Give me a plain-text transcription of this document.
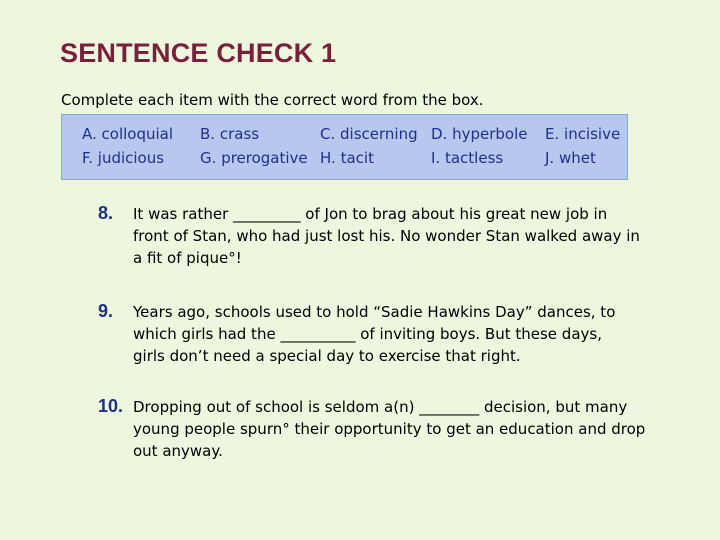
SENTENCE CHECK 1
Complete each item with the correct word from the box.
A. colloquial B. crass	C. discerning D. hyperbole E. incisive
F. judicious G. prerogative H. tacit	I. tactless	J. whet
8. It was rather _________ of Jon to brag about his great new job in
front of Stan, who had just lost his. No wonder Stan walked away in
a fit of pique°!
9. Years ago, schools used to hold “Sadie Hawkins Day” dances, to
which girls had the __________ of inviting boys. But these days,
girls don’t need a special day to exercise that right.
10. Dropping out of school is seldom a(n) ________ decision, but many
young people spurn° their opportunity to get an education and drop
out anyway.
